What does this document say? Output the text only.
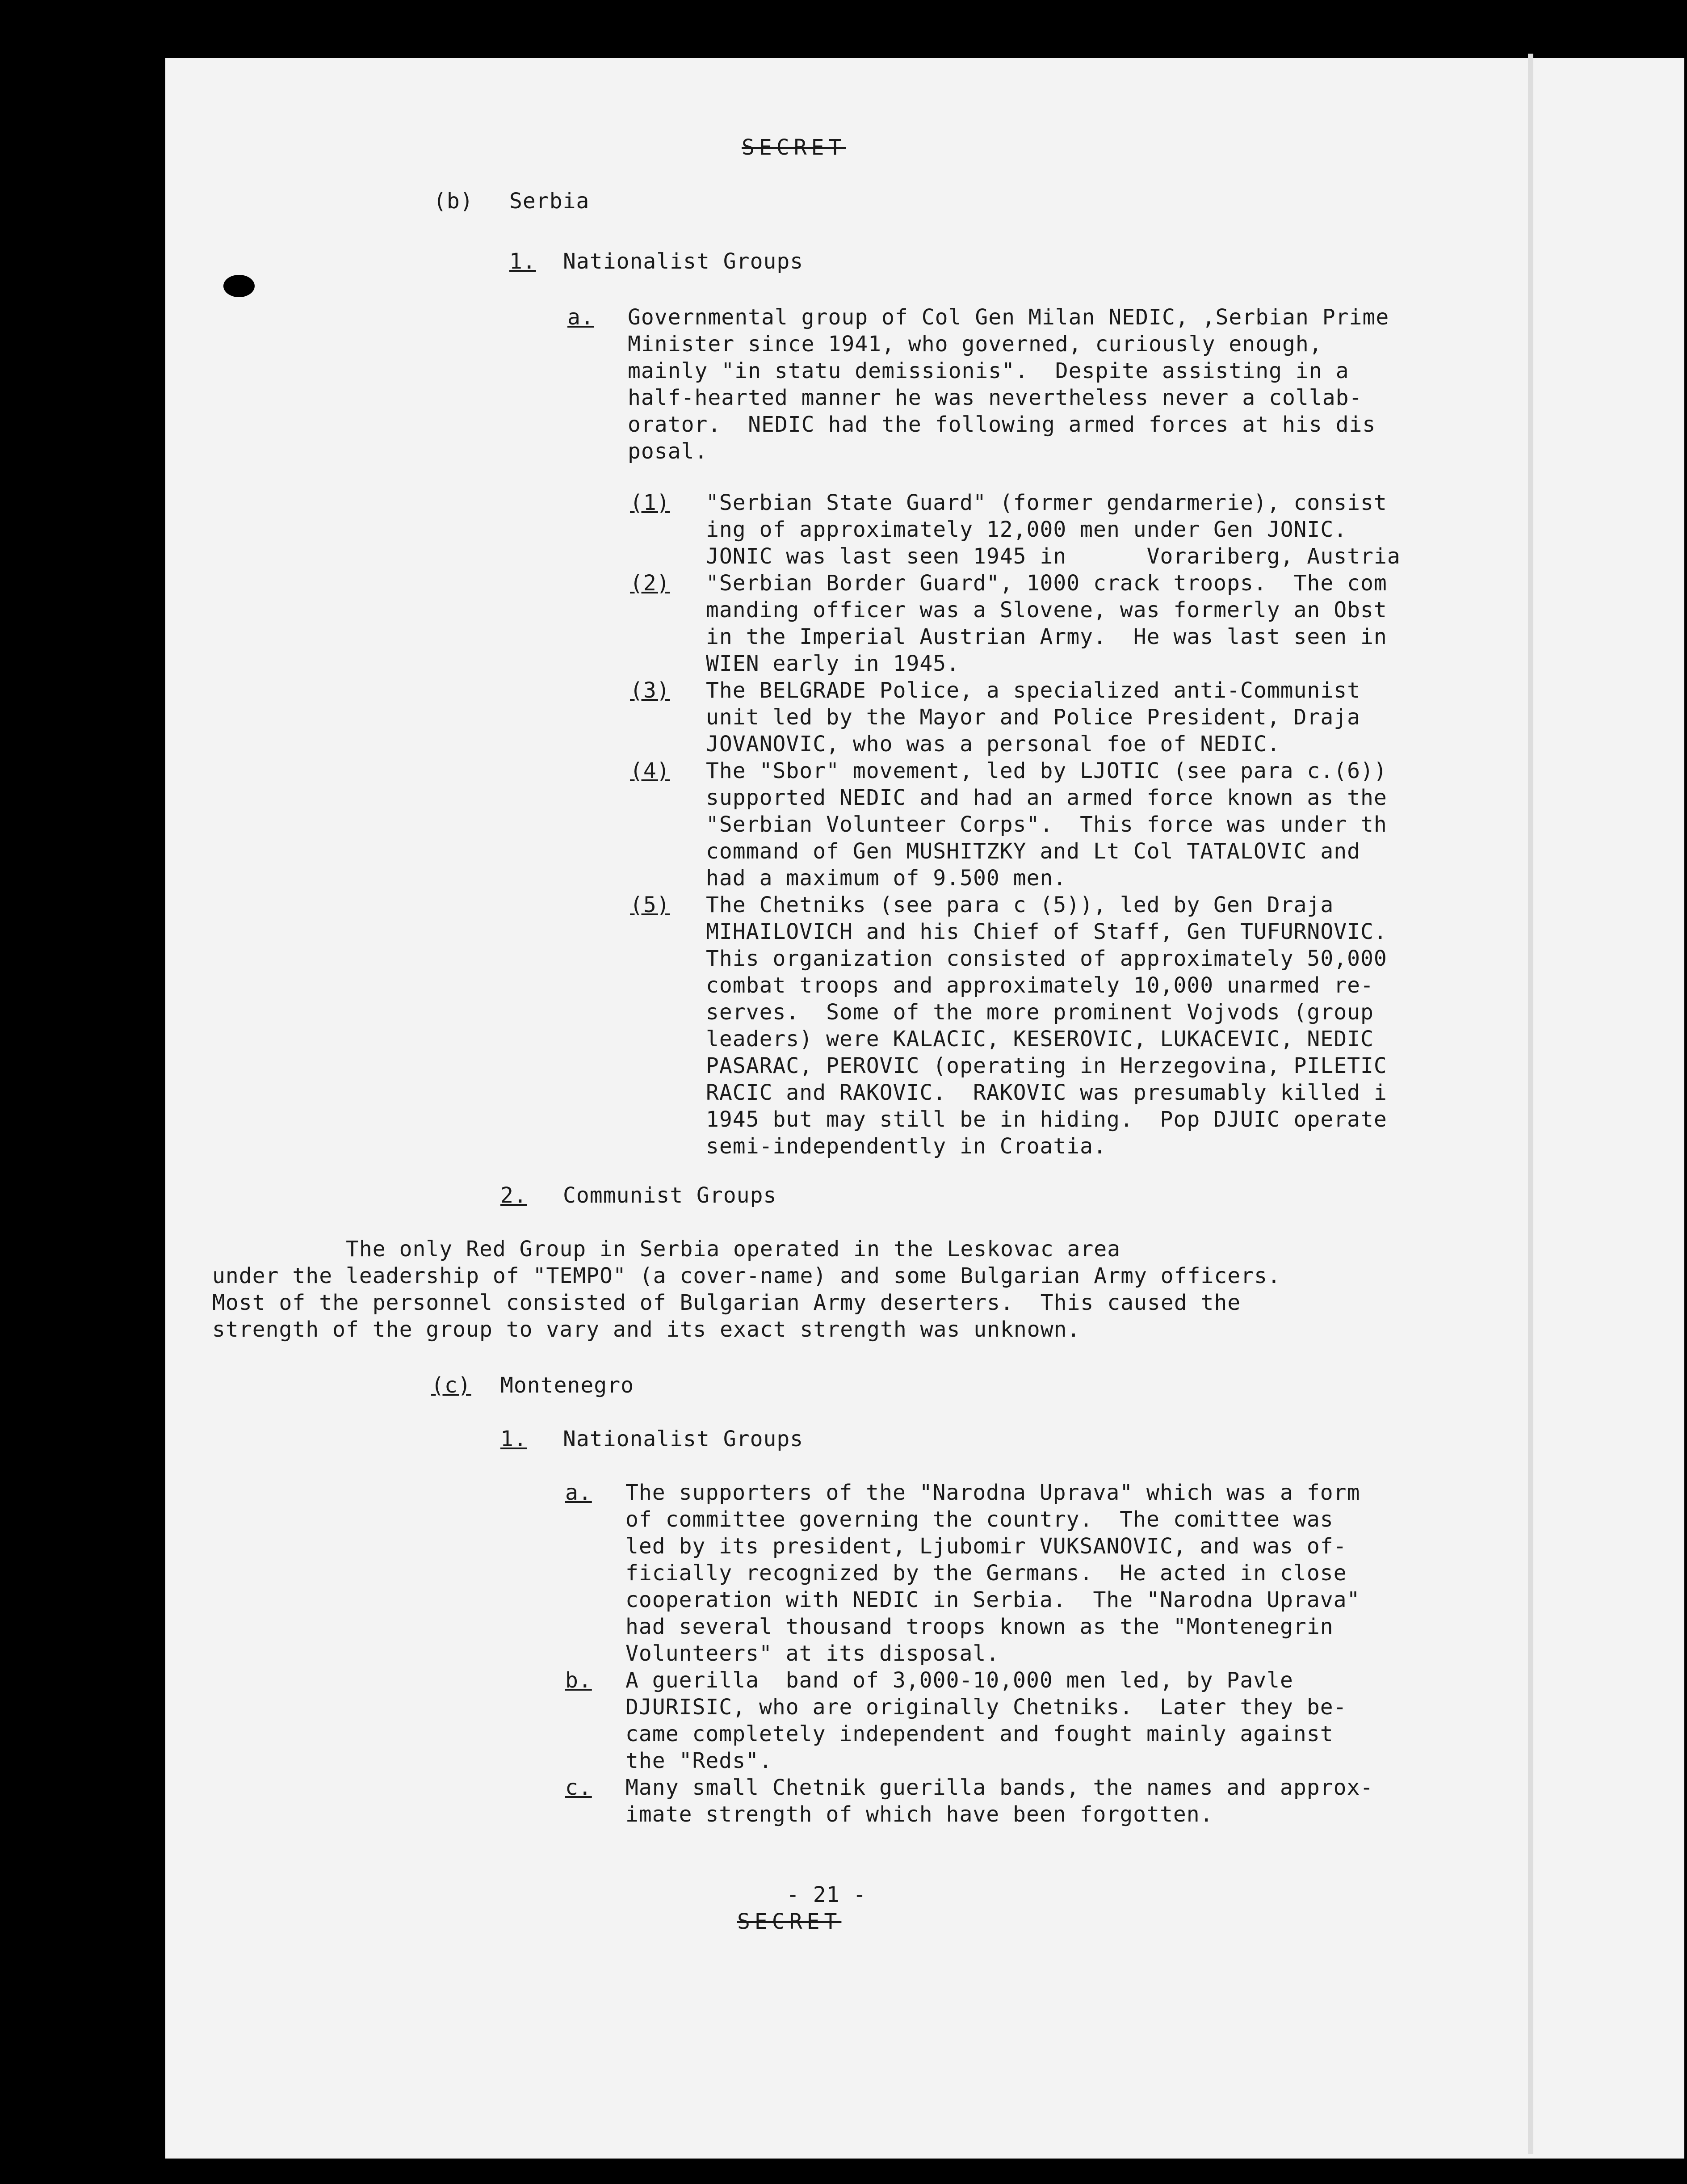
SECRET
(b) Serbia
1. Nationalist Groups
a. Governmental group of Col Gen Milan NEDIC, ,Serbian Prime
Minister since 1941, who governed, curiously enough,
mainly "in statu demissionis".  Despite assisting in a
half-hearted manner he was nevertheless never a collab-
orator.  NEDIC had the following armed forces at his dis
posal.
(1) "Serbian State Guard" (former gendarmerie), consist
ing of approximately 12,000 men under Gen JONIC.
JONIC was last seen 1945 in      Vorariberg, Austria
(2) "Serbian Border Guard", 1000 crack troops.  The com
manding officer was a Slovene, was formerly an Obst
in the Imperial Austrian Army.  He was last seen in
WIEN early in 1945.
(3) The BELGRADE Police, a specialized anti-Communist
unit led by the Mayor and Police President, Draja
JOVANOVIC, who was a personal foe of NEDIC.
(4) The "Sbor" movement, led by LJOTIC (see para c.(6))
supported NEDIC and had an armed force known as the
"Serbian Volunteer Corps".  This force was under th
command of Gen MUSHITZKY and Lt Col TATALOVIC and
had a maximum of 9.500 men.
(5) The Chetniks (see para c (5)), led by Gen Draja
MIHAILOVICH and his Chief of Staff, Gen TUFURNOVIC.
This organization consisted of approximately 50,000
combat troops and approximately 10,000 unarmed re-
serves.  Some of the more prominent Vojvods (group
leaders) were KALACIC, KESEROVIC, LUKACEVIC, NEDIC
PASARAC, PEROVIC (operating in Herzegovina, PILETIC
RACIC and RAKOVIC.  RAKOVIC was presumably killed i
1945 but may still be in hiding.  Pop DJUIC operate
semi-independently in Croatia.
2. Communist Groups
The only Red Group in Serbia operated in the Leskovac area
under the leadership of "TEMPO" (a cover-name) and some Bulgarian Army officers.
Most of the personnel consisted of Bulgarian Army deserters.  This caused the
strength of the group to vary and its exact strength was unknown.
(c) Montenegro
1. Nationalist Groups
a. The supporters of the "Narodna Uprava" which was a form
of committee governing the country.  The comittee was
led by its president, Ljubomir VUKSANOVIC, and was of-
ficially recognized by the Germans.  He acted in close
cooperation with NEDIC in Serbia.  The "Narodna Uprava"
had several thousand troops known as the "Montenegrin
Volunteers" at its disposal.
b. A guerilla  band of 3,000-10,000 men led, by Pavle
DJURISIC, who are originally Chetniks.  Later they be-
came completely independent and fought mainly against
the "Reds".
c. Many small Chetnik guerilla bands, the names and approx-
imate strength of which have been forgotten.
- 21 -
SECRET
